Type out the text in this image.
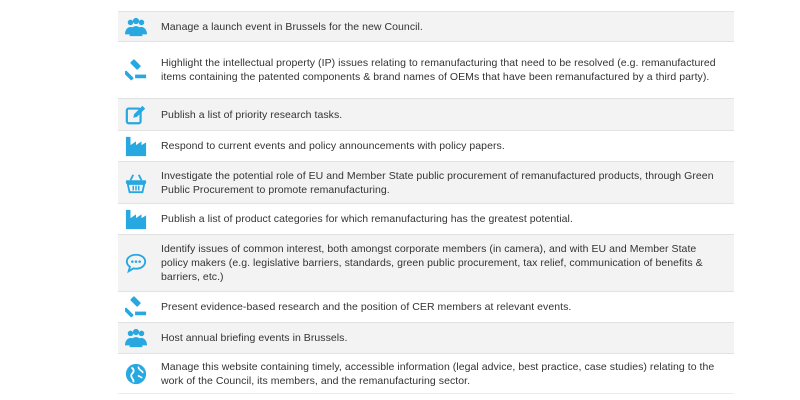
Manage a launch event in Brussels for the new Council.
Highlight the intellectual property (IP) issues relating to remanufacturing that need to be resolved (e.g. remanufactured items containing the patented components & brand names of OEMs that have been remanufactured by a third party).
Publish a list of priority research tasks.
Respond to current events and policy announcements with policy papers.
Investigate the potential role of EU and Member State public procurement of remanufactured products, through Green Public Procurement to promote remanufacturing.
Publish a list of product categories for which remanufacturing has the greatest potential.
Identify issues of common interest, both amongst corporate members (in camera), and with EU and Member State policy makers (e.g. legislative barriers, standards, green public procurement, tax relief, communication of benefits & barriers, etc.)
Present evidence-based research and the position of CER members at relevant events.
Host annual briefing events in Brussels.
Manage this website containing timely, accessible information (legal advice, best practice, case studies) relating to the work of the Council, its members, and the remanufacturing sector.
